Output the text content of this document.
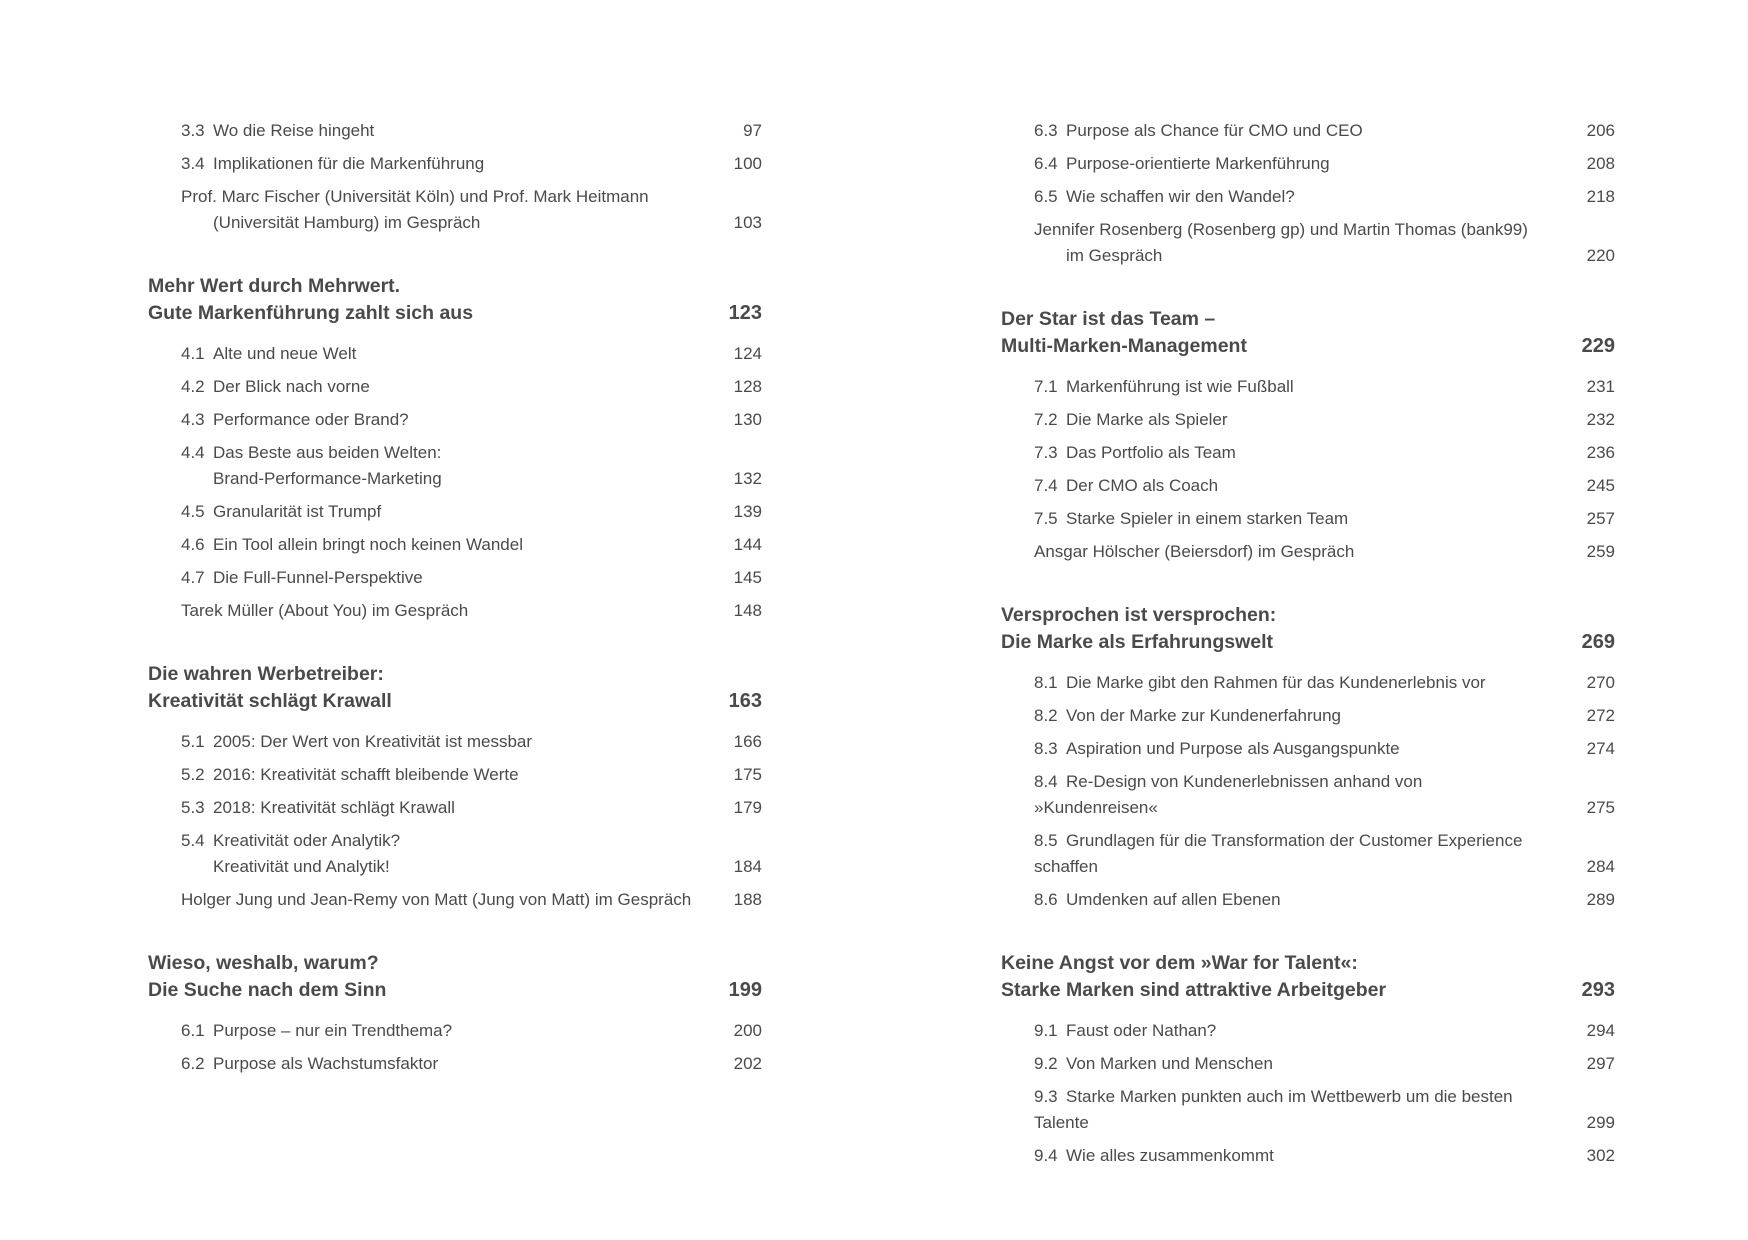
3.3 Wo die Reise hingeht	97
3.4 Implikationen für die Markenführung	100
Prof. Marc Fischer (Universität Köln) und Prof. Mark Heitmann
(Universität Hamburg) im Gespräch	103
Mehr Wert durch Mehrwert.
Gute Markenführung zahlt sich aus	123
4.1 Alte und neue Welt	124
4.2 Der Blick nach vorne	128
4.3 Performance oder Brand?	130
4.4 Das Beste aus beiden Welten:
Brand-Performance-Marketing	132
4.5 Granularität ist Trumpf	139
4.6 Ein Tool allein bringt noch keinen Wandel	144
4.7 Die Full-Funnel-Perspektive	145
Tarek Müller (About You) im Gespräch	148
Die wahren Werbetreiber:
Kreativität schlägt Krawall	163
5.1 2005: Der Wert von Kreativität ist messbar	166
5.2 2016: Kreativität schafft bleibende Werte	175
5.3 2018: Kreativität schlägt Krawall	179
5.4 Kreativität oder Analytik?
Kreativität und Analytik!	184
Holger Jung und Jean-Remy von Matt (Jung von Matt) im Gespräch 188
Wieso, weshalb, warum?
Die Suche nach dem Sinn	199
6.1 Purpose – nur ein Trendthema?	200
6.2 Purpose als Wachstumsfaktor	202
6.3 Purpose als Chance für CMO und CEO	206
6.4 Purpose-orientierte Markenführung	208
6.5 Wie schaffen wir den Wandel?	218
Jennifer Rosenberg (Rosenberg gp) und Martin Thomas (bank99)
im Gespräch	220
Der Star ist das Team –
Multi-Marken-Management	229
7.1 Markenführung ist wie Fußball	231
7.2 Die Marke als Spieler	232
7.3 Das Portfolio als Team	236
7.4 Der CMO als Coach	245
7.5 Starke Spieler in einem starken Team	257
Ansgar Hölscher (Beiersdorf) im Gespräch	259
Versprochen ist versprochen:
Die Marke als Erfahrungswelt	269
8.1 Die Marke gibt den Rahmen für das Kundenerlebnis vor	270
8.2 Von der Marke zur Kundenerfahrung	272
8.3 Aspiration und Purpose als Ausgangspunkte	274
8.4 Re-Design von Kundenerlebnissen anhand von »Kundenreisen«	275
8.5 Grundlagen für die Transformation der Customer Experience schaffen	284
8.6 Umdenken auf allen Ebenen	289
Keine Angst vor dem »War for Talent«:
Starke Marken sind attraktive Arbeitgeber	293
9.1 Faust oder Nathan?	294
9.2 Von Marken und Menschen	297
9.3 Starke Marken punkten auch im Wettbewerb um die besten Talente	299
9.4 Wie alles zusammenkommt	302
